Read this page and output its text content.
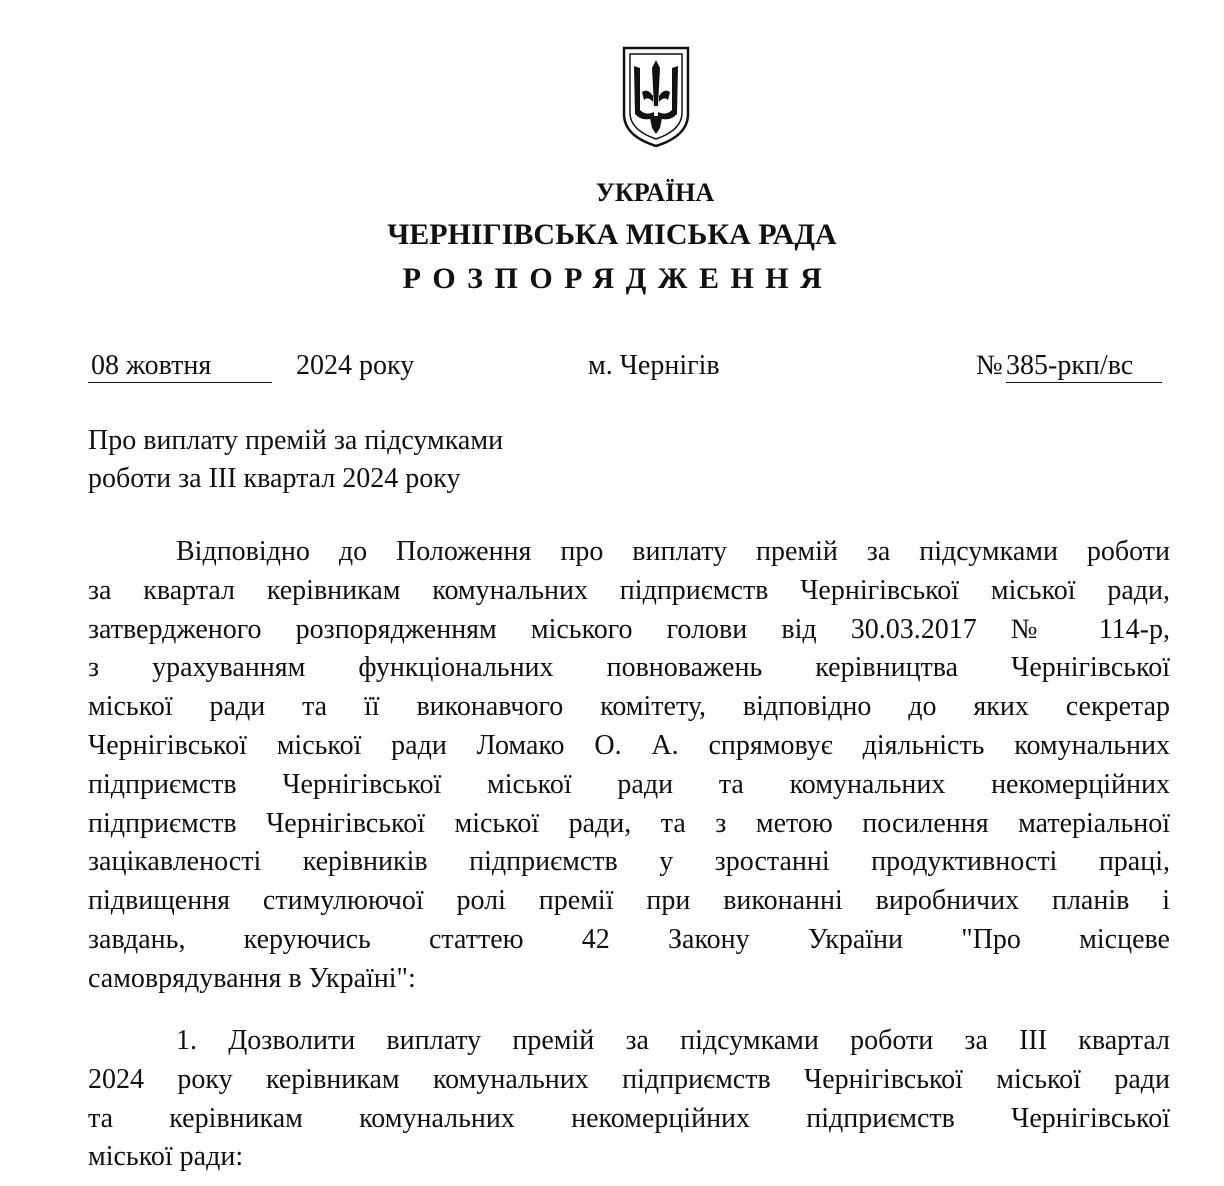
УКРАЇНА
ЧЕРНІГІВСЬКА МІСЬКА РАДА
РОЗПОРЯДЖЕННЯ
08 жовтня	2024 року	м. Чернігів	№ 385-ркп/вс
Про виплату премій за підсумками
роботи за ІІІ квартал 2024 року
Відповідно до Положення про виплату премій за підсумками роботи
за квартал керівникам комунальних підприємств Чернігівської міської ради,
затвердженого розпорядженням міського голови від 30.03.2017 № 114-р,
з урахуванням функціональних повноважень керівництва Чернігівської
міської ради та її виконавчого комітету, відповідно до яких секретар
Чернігівської міської ради Ломако О. А. спрямовує діяльність комунальних
підприємств Чернігівської міської ради та комунальних некомерційних
підприємств Чернігівської міської ради, та з метою посилення матеріальної
зацікавленості керівників підприємств у зростанні продуктивності праці,
підвищення стимулюючої ролі премії при виконанні виробничих планів і
завдань, керуючись статтею 42 Закону України "Про місцеве
самоврядування в Україні":
1. Дозволити виплату премій за підсумками роботи за ІІІ квартал
2024 року керівникам комунальних підприємств Чернігівської міської ради
та керівникам комунальних некомерційних підприємств Чернігівської
міської ради:
